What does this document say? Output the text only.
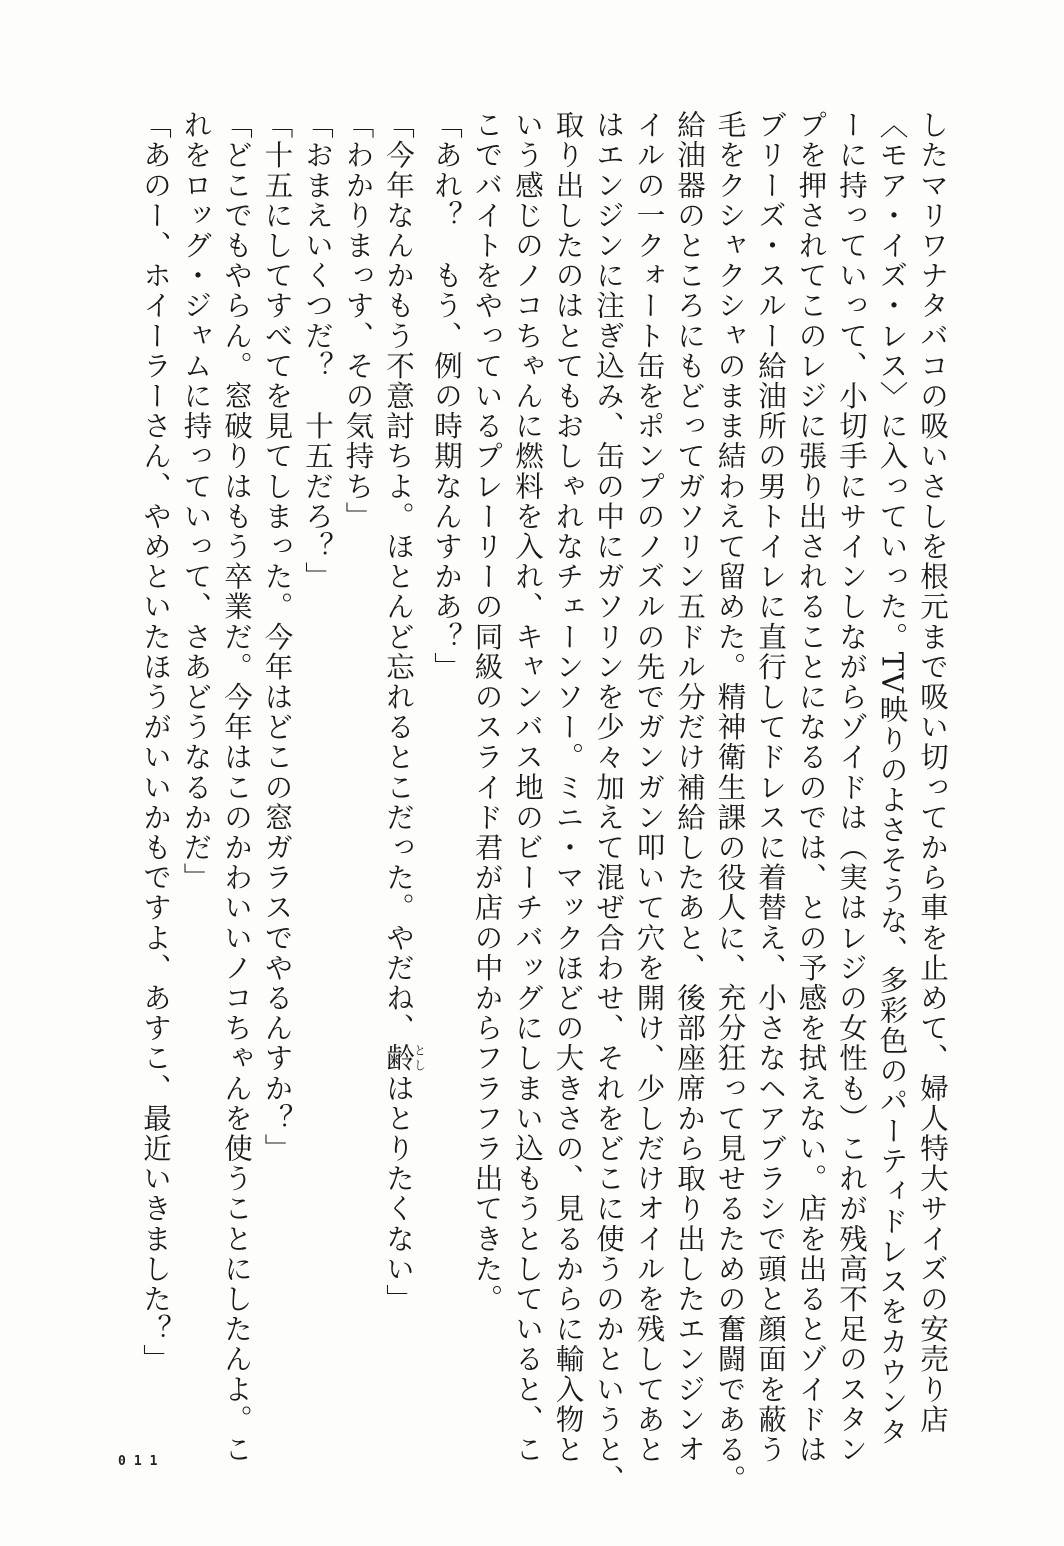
したマリワナタバコの吸いさしを根元まで吸い切ってから車を止めて、婦人特大サイズの安売り店
〈モア・イズ・レス〉に入っていった。TV映りのよさそうな、多彩色のパーティドレスをカウンタ
ーに持っていって、小切手にサインしながらゾイドは（実はレジの女性も）これが残高不足のスタン
プを押されてこのレジに張り出されることになるのでは、との予感を拭えない。店を出るとゾイドは
ブリーズ・スルー給油所の男トイレに直行してドレスに着替え、小さなヘアブラシで頭と顔面を蔽う
毛をクシャクシャのまま結わえて留めた。精神衛生課の役人に、充分狂って見せるための奮闘である。
給油器のところにもどってガソリン五ドル分だけ補給したあと、後部座席から取り出したエンジンオ
イルの一クォート缶をポンプのノズルの先でガンガン叩いて穴を開け、少しだけオイルを残してあと
はエンジンに注ぎ込み、缶の中にガソリンを少々加えて混ぜ合わせ、それをどこに使うのかというと、
取り出したのはとてもおしゃれなチェーンソー。ミニ・マックほどの大きさの、見るからに輸入物と
いう感じのノコちゃんに燃料を入れ、キャンバス地のビーチバッグにしまい込もうとしていると、こ
こでバイトをやっているプレーリーの同級のスライド君が店の中からフラフラ出てきた。
「あれ？　もう、例の時期なんすかあ？」
「今年なんかもう不意討ちよ。ほとんど忘れるとこだった。やだね、齢としはとりたくない」
「わかりまっす、その気持ち」
「おまえいくつだ？　十五だろ？」
「十五にしてすべてを見てしまった。今年はどこの窓ガラスでやるんすか？」
「どこでもやらん。窓破りはもう卒業だ。今年はこのかわいいノコちゃんを使うことにしたんよ。こ
れをロッグ・ジャムに持っていって、さあどうなるかだ」
「あのー、ホイーラーさん、やめといたほうがいいかもですよ、あすこ、最近いきました？」
011
